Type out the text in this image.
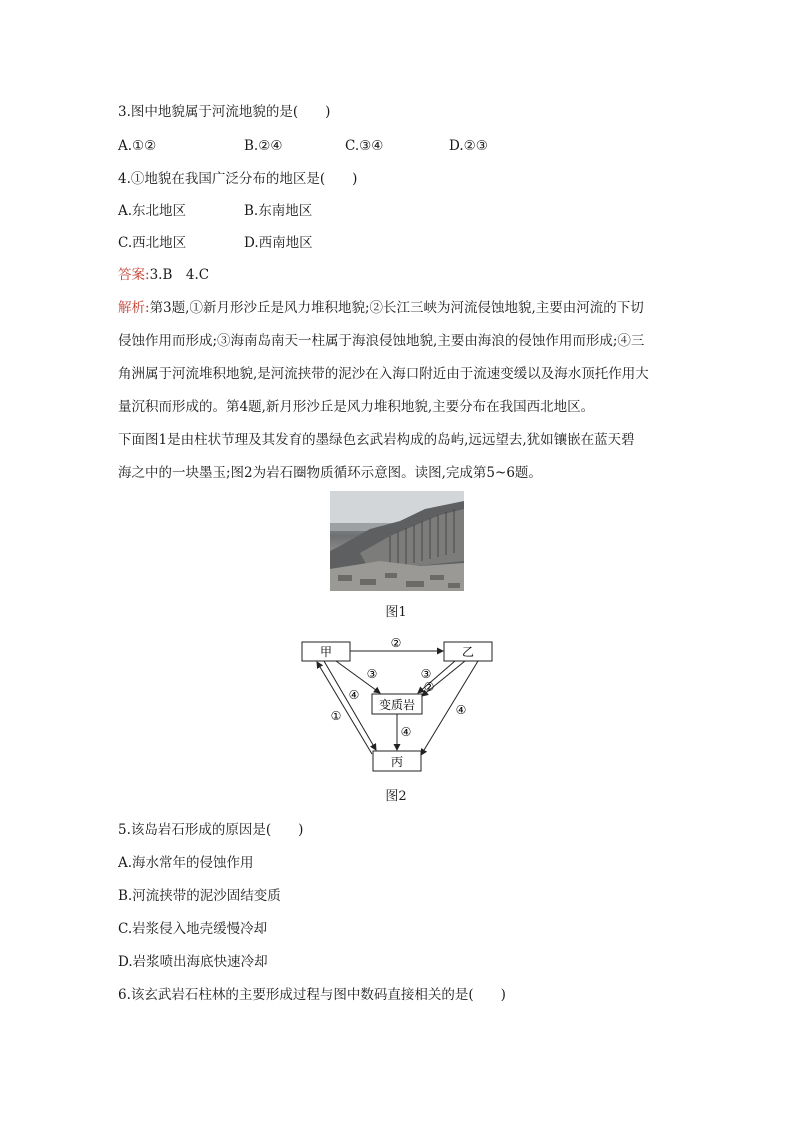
3.图中地貌属于河流地貌的是(　　)
A.①②	B.②④	C.③④	D.②③
4.①地貌在我国广泛分布的地区是(　　)
A.东北地区	B.东南地区
C.西北地区	D.西南地区
答案:3.B　4.C
解析:第3题,①新月形沙丘是风力堆积地貌;②长江三峡为河流侵蚀地貌,主要由河流的下切
侵蚀作用而形成;③海南岛南天一柱属于海浪侵蚀地貌,主要由海浪的侵蚀作用而形成;④三
角洲属于河流堆积地貌,是河流挟带的泥沙在入海口附近由于流速变缓以及海水顶托作用大
量沉积而形成的。第4题,新月形沙丘是风力堆积地貌,主要分布在我国西北地区。
下面图1是由柱状节理及其发育的墨绿色玄武岩构成的岛屿,远远望去,犹如镶嵌在蓝天碧
海之中的一块墨玉;图2为岩石圈物质循环示意图。读图,完成第5~6题。
图1
甲	乙
变质岩
丙
②
③	③
②
④
①
④
④
图2
5.该岛岩石形成的原因是(　　)
A.海水常年的侵蚀作用
B.河流挟带的泥沙固结变质
C.岩浆侵入地壳缓慢冷却
D.岩浆喷出海底快速冷却
6.该玄武岩石柱林的主要形成过程与图中数码直接相关的是(　　)
